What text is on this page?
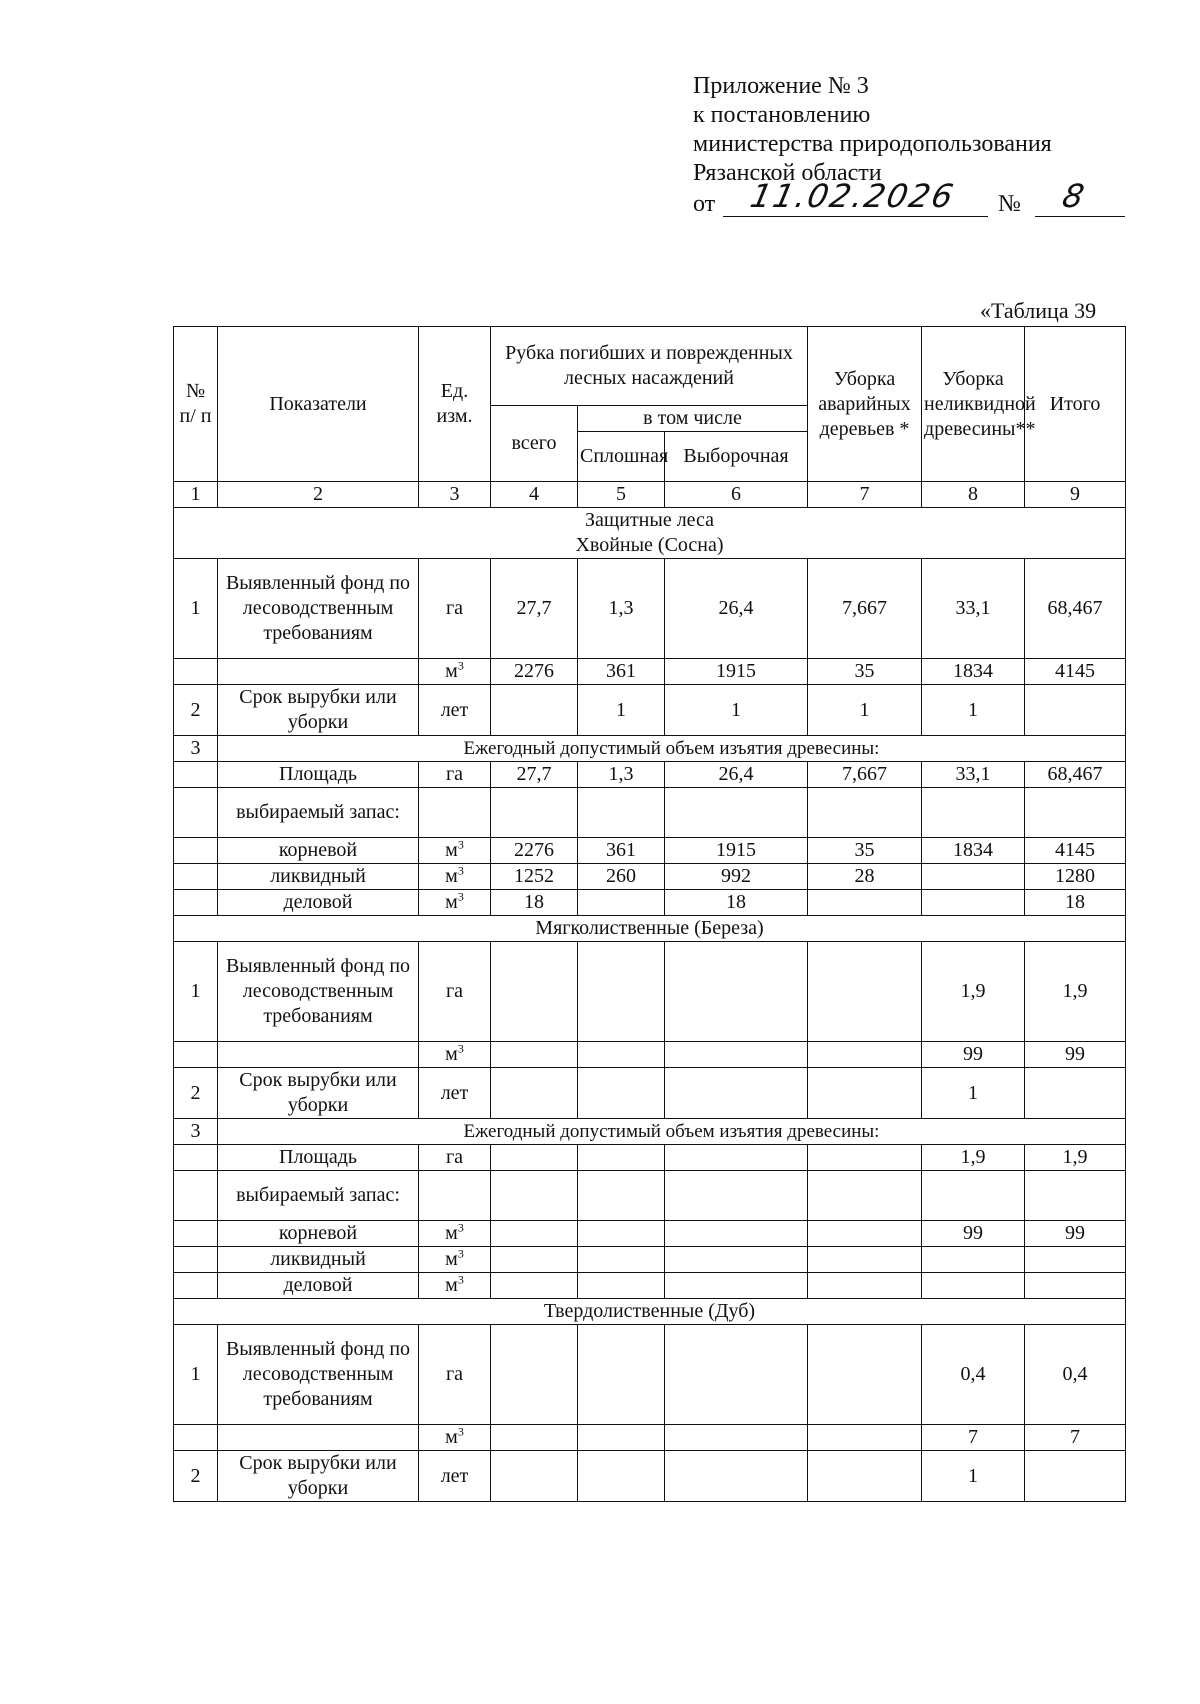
Приложение № 3
к постановлению
министерства природопользования
Рязанской области
от 11.02.2026 № 8
«Таблица 39
№ п/ п	Показатели	Ед. изм.	Рубка погибших и поврежденных лесных насаждений			Уборка аварийных деревьев *	Уборка неликвидной древесины**	Итого
			всего	в том числе				
				Сплошная	Выборочная			
1	2	3	4	5	6	7	8	9

Защитные леса
Хвойные (Сосна)								

1	Выявленный фонд по лесоводственным требованиям	га	27,7	1,3	26,4	7,667	33,1	68,467
		$м^3$	2276	361	1915	35	1834	4145
2	Срок вырубки или уборки	лет		1	1	1	1	
3	Ежегодный допустимый объем изъятия древесины:							
	Площадь	га	27,7	1,3	26,4	7,667	33,1	68,467
	выбираемый запас:							
	корневой	$м^3$	2276	361	1915	35	1834	4145
	ликвидный	$м^3$	1252	260	992	28		1280
	деловой	$м^3$	18		18			18

Мягколиственные (Береза)								

1	Выявленный фонд по лесоводственным требованиям	га					1,9	1,9
		$м^3$					99	99
2	Срок вырубки или уборки	лет					1	
3	Ежегодный допустимый объем изъятия древесины:							
	Площадь	га					1,9	1,9
	выбираемый запас:							
	корневой	$м^3$					99	99
	ликвидный	$м^3$						
	деловой	$м^3$						

Твердолиственные (Дуб)								

1	Выявленный фонд по лесоводственным требованиям	га					0,4	0,4
		$м^3$					7	7
2	Срок вырубки или уборки	лет					1	
